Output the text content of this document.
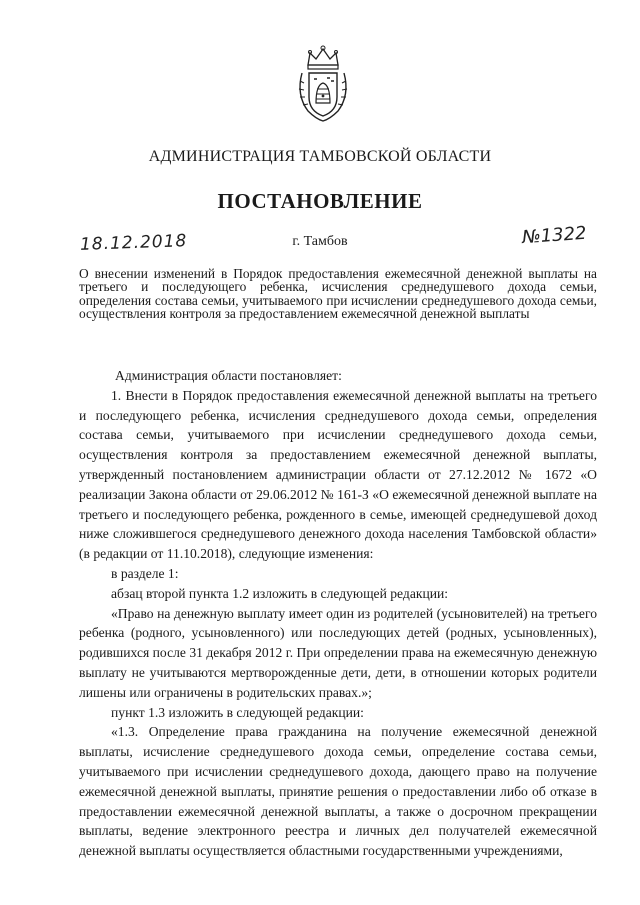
АДМИНИСТРАЦИЯ ТАМБОВСКОЙ ОБЛАСТИ
ПОСТАНОВЛЕНИЕ
18.12.2018	г. Тамбов	№1322
О внесении изменений в Порядок предоставления ежемесячной денежной выплаты на третьего и последующего ребенка, исчисления среднедушевого дохода семьи, определения состава семьи, учитываемого при исчислении среднедушевого дохода семьи, осуществления контроля за предоставлением ежемесячной денежной выплаты

Администрация области постановляет:

1. Внести в Порядок предоставления ежемесячной денежной выплаты на третьего и последующего ребенка, исчисления среднедушевого дохода семьи, определения состава семьи, учитываемого при исчислении среднедушевого дохода семьи, осуществления контроля за предоставлением ежемесячной денежной выплаты, утвержденный постановлением администрации области от 27.12.2012 № 1672 «О реализации Закона области от 29.06.2012 № 161-З «О ежемесячной денежной выплате на третьего и последующего ребенка, рожденного в семье, имеющей среднедушевой доход ниже сложившегося среднедушевого денежного дохода населения Тамбовской области» (в редакции от 11.10.2018), следующие изменения:

в разделе 1:

абзац второй пункта 1.2 изложить в следующей редакции:

«Право на денежную выплату имеет один из родителей (усыновителей) на третьего ребенка (родного, усыновленного) или последующих детей (родных, усыновленных), родившихся после 31 декабря 2012 г. При определении права на ежемесячную денежную выплату не учитываются мертворожденные дети, дети, в отношении которых родители лишены или ограничены в родительских правах.»;

пункт 1.3 изложить в следующей редакции:

«1.3. Определение права гражданина на получение ежемесячной денежной выплаты, исчисление среднедушевого дохода семьи, определение состава семьи, учитываемого при исчислении среднедушевого дохода, дающего право на получение ежемесячной денежной выплаты, принятие решения о предоставлении либо об отказе в предоставлении ежемесячной денежной выплаты, а также о досрочном прекращении выплаты, ведение электронного реестра и личных дел получателей ежемесячной денежной выплаты осуществляется областными государственными учреждениями,
